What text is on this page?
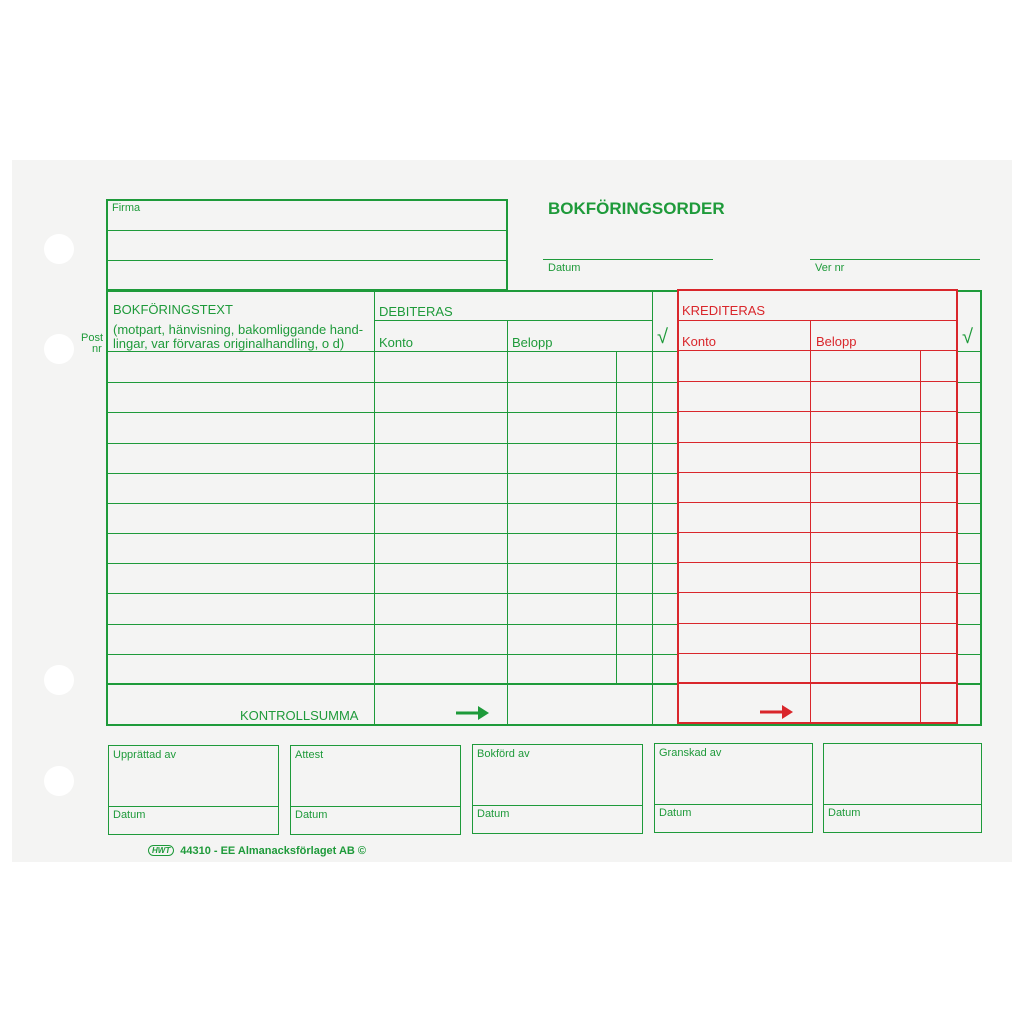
Firma	BOKFÖRINGSORDER
Datum	Ver nr
Post
nr
BOKFÖRINGSTEXT
(motpart, hänvisning, bakomliggande hand-
lingar, var förvaras originalhandling, o d)
DEBITERAS
Konto	Belopp	√
KREDITERAS
Konto	Belopp	√
KONTROLLSUMMA
Upprättad av
Datum
Attest
Datum
Bokförd av
Datum
Granskad av
Datum	Datum
HWT 44310 - EE Almanacksförlaget AB ©
